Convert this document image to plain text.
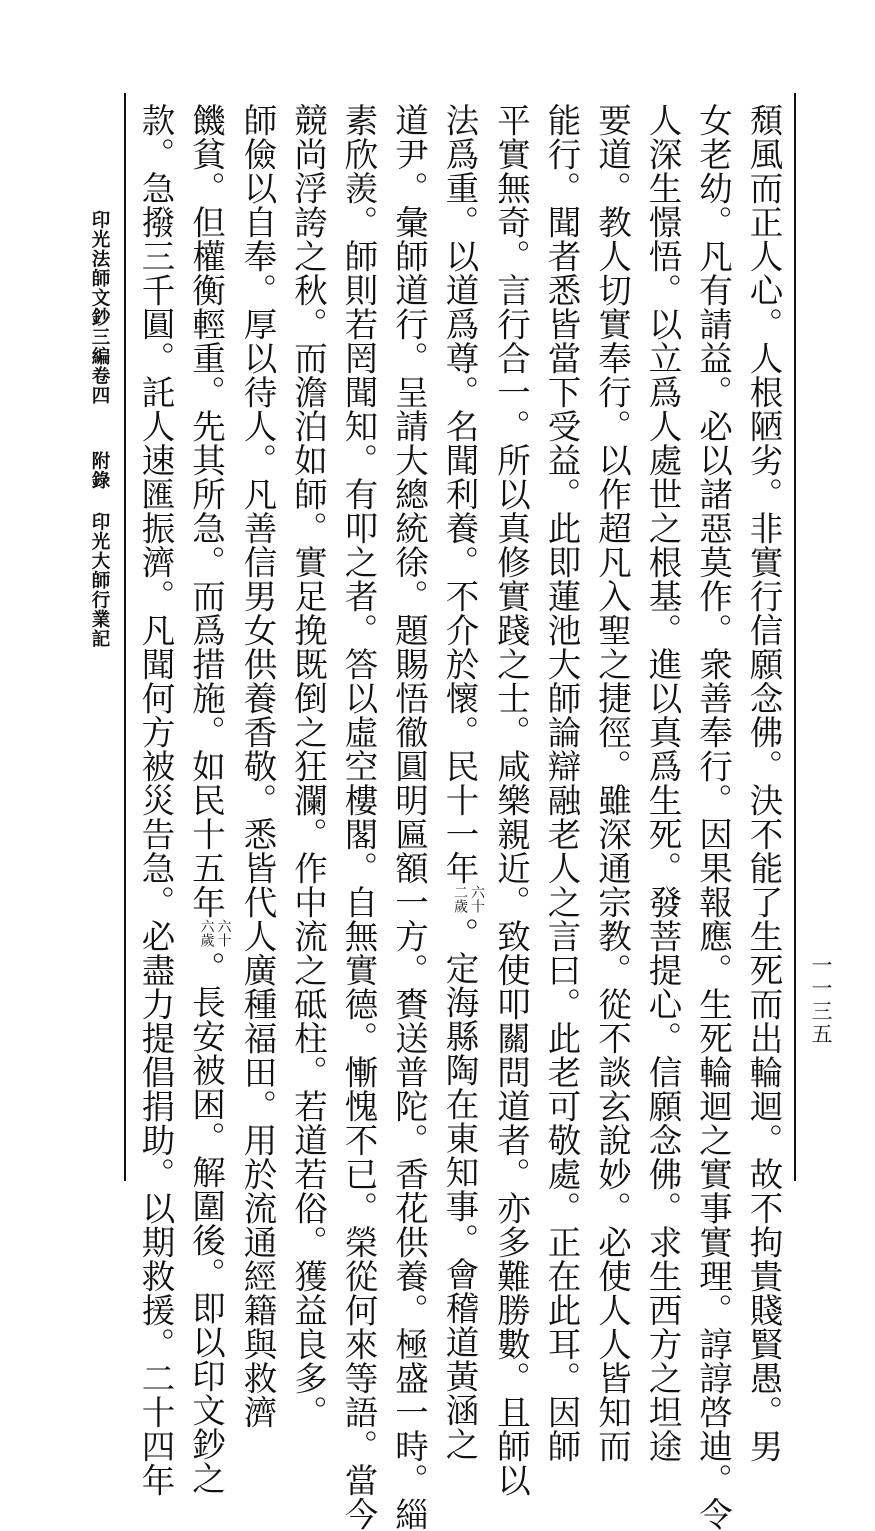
印光法師文鈔三編卷四附錄印光大師行業記
一一三五
頹風而正人心。人根陋劣。非實行信願念佛。決不能了生死而出輪迴。故不拘貴賤賢愚。男
女老幼。凡有請益。必以諸惡莫作。衆善奉行。因果報應。生死輪迴之實事實理。諄諄啓迪。令
人深生憬悟。以立爲人處世之根基。進以真爲生死。發菩提心。信願念佛。求生西方之坦途
要道。教人切實奉行。以作超凡入聖之捷徑。雖深通宗教。從不談玄說妙。必使人人皆知而
能行。聞者悉皆當下受益。此即蓮池大師論辯融老人之言曰。此老可敬處。正在此耳。因師
平實無奇。言行合一。所以真修實踐之士。咸樂親近。致使叩關問道者。亦多難勝數。且師以
法爲重。以道爲尊。名聞利養。不介於懷。民十一年六十二歲。定海縣陶在東知事。會稽道黃涵之
道尹。彙師道行。呈請大總統徐。題賜悟徹圓明匾額一方。賚送普陀。香花供養。極盛一時。緇
素欣羨。師則若罔聞知。有叩之者。答以虛空樓閣。自無實德。慚愧不已。榮從何來等語。當今
競尚浮誇之秋。而澹泊如師。實足挽既倒之狂瀾。作中流之砥柱。若道若俗。獲益良多。
師儉以自奉。厚以待人。凡善信男女供養香敬。悉皆代人廣種福田。用於流通經籍與救濟
饑貧。但權衡輕重。先其所急。而爲措施。如民十五年六十六歲。長安被困。解圍後。即以印文鈔之
款。急撥三千圓。託人速匯振濟。凡聞何方被災告急。必盡力提倡捐助。以期救援。二十四年
